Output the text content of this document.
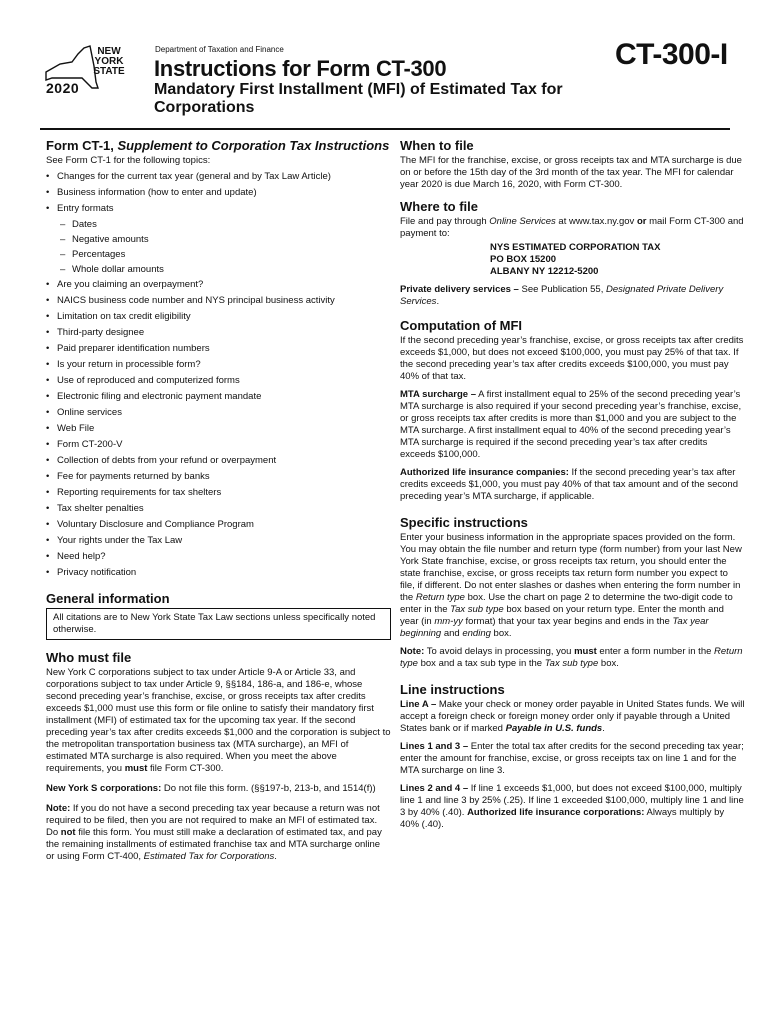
NEW
YORK
STATE
2020
Department of Taxation and Finance
Instructions for Form CT-300
Mandatory First Installment (MFI) of Estimated Tax for Corporations
CT-300-I
Form CT-1, Supplement to Corporation Tax Instructions

See Form CT-1 for the following topics:

• Changes for the current tax year (general and by Tax Law Article)
• Business information (how to enter and update)
• Entry formats
– Dates
– Negative amounts
– Percentages
– Whole dollar amounts
• Are you claiming an overpayment?
• NAICS business code number and NYS principal business activity
• Limitation on tax credit eligibility
• Third-party designee
• Paid preparer identification numbers
• Is your return in processible form?
• Use of reproduced and computerized forms
• Electronic filing and electronic payment mandate
• Online services
• Web File
• Form CT-200-V
• Collection of debts from your refund or overpayment
• Fee for payments returned by banks
• Reporting requirements for tax shelters
• Tax shelter penalties
• Voluntary Disclosure and Compliance Program
• Your rights under the Tax Law
• Need help?
• Privacy notification
General information
All citations are to New York State Tax Law sections unless specifically noted otherwise.
Who must file

New York C corporations subject to tax under Article 9-A or Article 33, and corporations subject to tax under Article 9, §§184, 186-a, and 186-e, whose second preceding year’s franchise, excise, or gross receipts tax after credits exceeds $1,000 must use this form or file online to satisfy their mandatory first installment (MFI) of estimated tax for the upcoming tax year. If the second preceding year’s tax after credits exceeds $1,000 and the corporation is subject to the metropolitan transportation business tax (MTA surcharge), an MFI of estimated MTA surcharge is also required. When you meet the above requirements, you must file Form CT-300.

New York S corporations: Do not file this form. (§§197-b, 213-b, and 1514(f))

Note: If you do not have a second preceding tax year because a return was not required to be filed, then you are not required to make an MFI of estimated tax. Do not file this form. You must still make a declaration of estimated tax, and pay the remaining installments of estimated franchise tax and MTA surcharge online or using Form CT-400, Estimated Tax for Corporations.

When to file

The MFI for the franchise, excise, or gross receipts tax and MTA surcharge is due on or before the 15th day of the 3rd month of the tax year. The MFI for calendar year 2020 is due March 16, 2020, with Form CT-300.

Where to file

File and pay through Online Services at www.tax.ny.gov or mail Form CT-300 and payment to:

NYS ESTIMATED CORPORATION TAX
PO BOX 15200
ALBANY NY 12212-5200

Private delivery services – See Publication 55, Designated Private Delivery Services.

Computation of MFI

If the second preceding year’s franchise, excise, or gross receipts tax after credits exceeds $1,000, but does not exceed $100,000, you must pay 25% of that tax. If the second preceding year’s tax after credits exceeds $100,000, you must pay 40% of that tax.

MTA surcharge – A first installment equal to 25% of the second preceding year’s MTA surcharge is also required if your second preceding year’s franchise, excise, or gross receipts tax after credits is more than $1,000 and you are subject to the MTA surcharge. A first installment equal to 40% of the second preceding year’s MTA surcharge is required if the second preceding year’s tax after credits exceeds $100,000.

Authorized life insurance companies: If the second preceding year’s tax after credits exceeds $1,000, you must pay 40% of that tax amount and of the second preceding year’s MTA surcharge, if applicable.

Specific instructions

Enter your business information in the appropriate spaces provided on the form. You may obtain the file number and return type (form number) from your last New York State franchise, excise, or gross receipts tax return, you should enter the state franchise, excise, or gross receipts tax return form number you expect to file, if different. Do not enter slashes or dashes when entering the form number in the Return type box. Use the chart on page 2 to determine the two-digit code to enter in the Tax sub type box based on your return type. Enter the month and year (in mm-yy format) that your tax year begins and ends in the Tax year beginning and ending box.

Note: To avoid delays in processing, you must enter a form number in the Return type box and a tax sub type in the Tax sub type box.

Line instructions

Line A – Make your check or money order payable in United States funds. We will accept a foreign check or foreign money order only if payable through a United States bank or if marked Payable in U.S. funds.

Lines 1 and 3 – Enter the total tax after credits for the second preceding tax year; enter the amount for franchise, excise, or gross receipts tax on line 1 and for the MTA surcharge on line 3.

Lines 2 and 4 – If line 1 exceeds $1,000, but does not exceed $100,000, multiply line 1 and line 3 by 25% (.25). If line 1 exceeded $100,000, multiply line 1 and line 3 by 40% (.40). Authorized life insurance corporations: Always multiply by 40% (.40).
